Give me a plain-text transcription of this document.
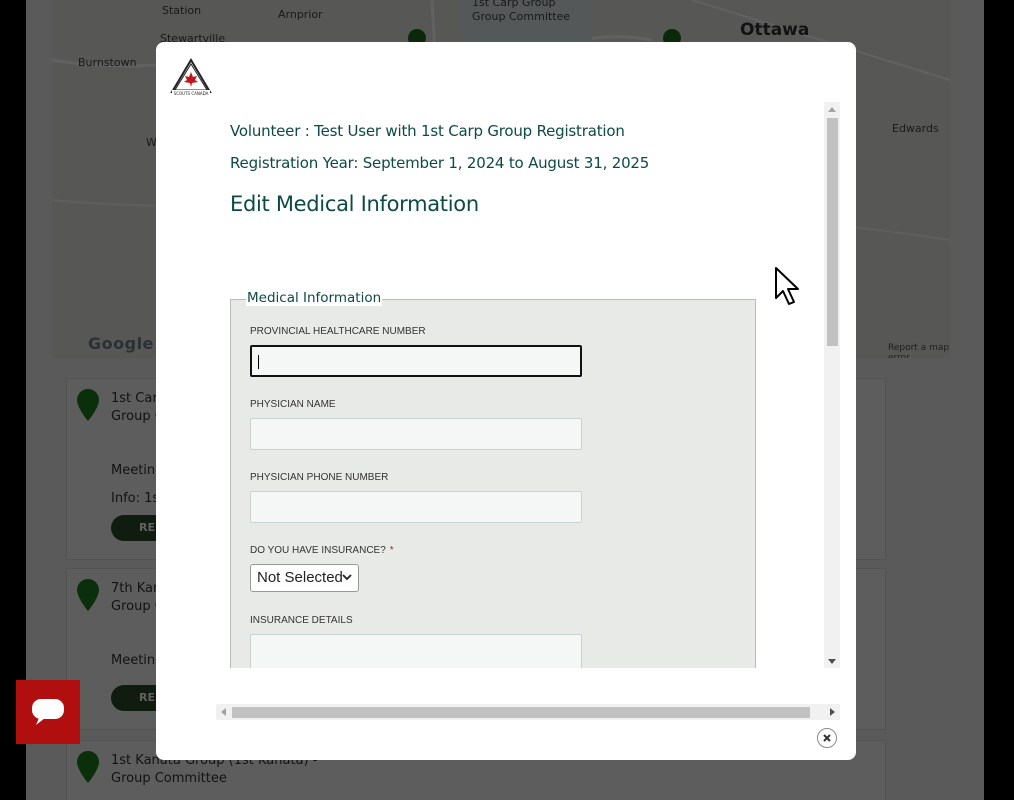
SCOUTS CANADA
Volunteer : Test User with 1st Carp Group Registration
Registration Year: September 1, 2024 to August 31, 2025
Edit Medical Information
Medical Information
PROVINCIAL HEALTHCARE NUMBER
PHYSICIAN NAME
PHYSICIAN PHONE NUMBER
DO YOU HAVE INSURANCE? *
Not Selected
INSURANCE DETAILS
